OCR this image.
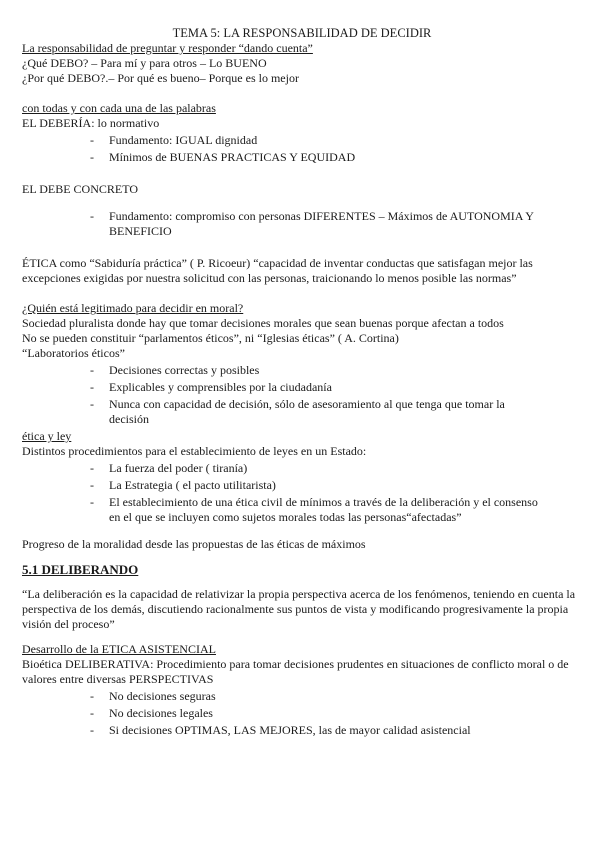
TEMA 5: LA RESPONSABILIDAD DE DECIDIR

La responsabilidad de preguntar y responder “dando cuenta”

¿Qué DEBO? – Para mí y para otros – Lo BUENO

¿Por qué DEBO?.– Por qué es bueno– Porque es lo mejor

con todas y con cada una de las palabras

EL DEBERÍA: lo normativo

- Fundamento: IGUAL dignidad
- Mínimos de BUENAS PRACTICAS Y EQUIDAD

EL DEBE CONCRETO

- Fundamento: compromiso con personas DIFERENTES – Máximos de AUTONOMIA Y BENEFICIO

ÉTICA como “Sabiduría práctica” ( P. Ricoeur) “capacidad de inventar conductas que satisfagan mejor las excepciones exigidas por nuestra solicitud con las personas, traicionando lo menos posible las normas”

¿Quién está legitimado para decidir en moral?

Sociedad pluralista donde hay que tomar decisiones morales que sean buenas porque afectan a todos

No se pueden constituir “parlamentos éticos”, ni “Iglesias éticas” ( A. Cortina)

“Laboratorios éticos”

- Decisiones correctas y posibles
- Explicables y comprensibles por la ciudadanía
- Nunca con capacidad de decisión, sólo de asesoramiento al que tenga que tomar la decisión

ética y ley

Distintos procedimientos para el establecimiento de leyes en un Estado:

- La fuerza del poder ( tiranía)
- La Estrategia ( el pacto utilitarista)
- El establecimiento de una ética civil de mínimos a través de la deliberación y el consenso en el que se incluyen como sujetos morales todas las personas“afectadas”

Progreso de la moralidad desde las propuestas de las éticas de máximos

5.1 DELIBERANDO

“La deliberación es la capacidad de relativizar la propia perspectiva acerca de los fenómenos, teniendo en cuenta la perspectiva de los demás, discutiendo racionalmente sus puntos de vista y modificando progresivamente la propia visión del proceso”

Desarrollo de la ETICA ASISTENCIAL

Bioética DELIBERATIVA: Procedimiento para tomar decisiones prudentes en situaciones de conflicto moral o de valores entre diversas PERSPECTIVAS

- No decisiones seguras
- No decisiones legales
- Si decisiones OPTIMAS, LAS MEJORES, las de mayor calidad asistencial
